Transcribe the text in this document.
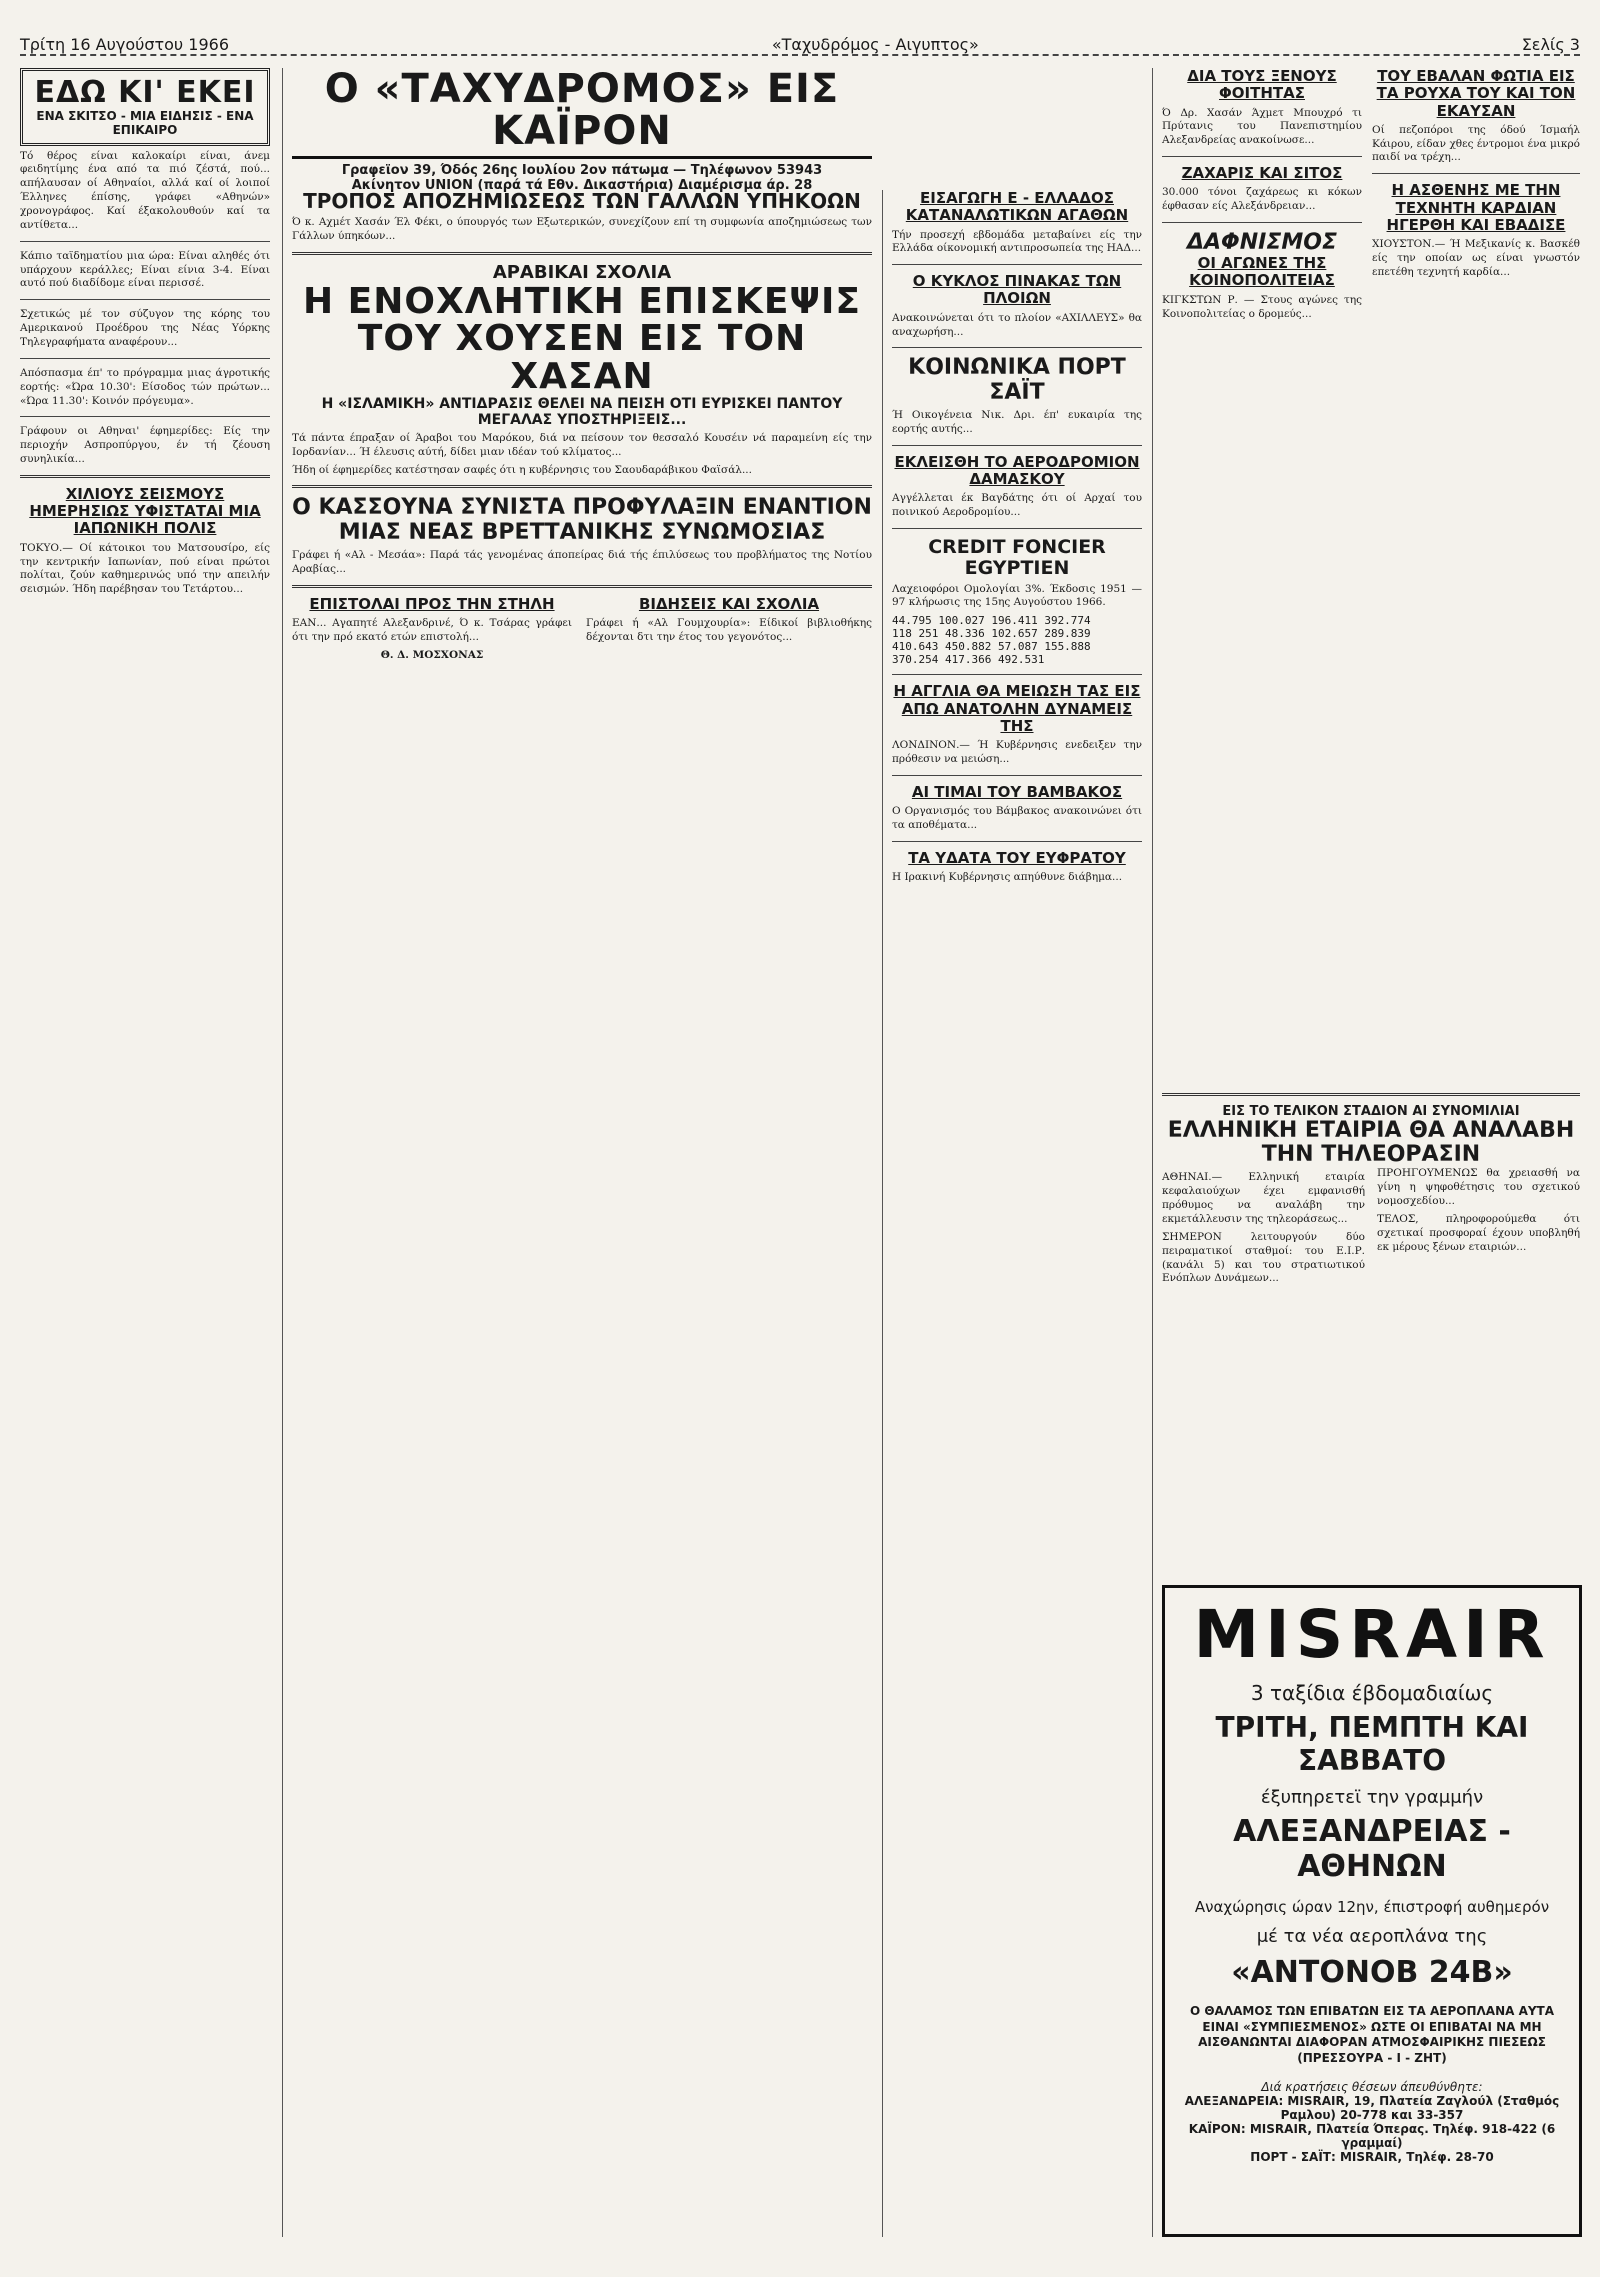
Τρίτη 16 Αυγούστου 1966	«Ταχυδρόμος - Αιγυπτος»	Σελίς 3
ΕΔΩ ΚΙ' ΕΚΕΙ
ΕΝΑ ΣΚΙΤΣΟ - ΜΙΑ ΕΙΔΗΣΙΣ - ΕΝΑ ΕΠΙΚΑΙΡΟ

Τό θέρος είναι καλοκαίρι είναι, άνεμ φειδητίμης ένα από τα πιό ζέστά, πού... απήλαυσαν οί Αθηναίοι, αλλά καί οί λοιποί Έλληνες έπίσης, γράφει «Αθηνών» χρονογράφος. Καί έξακολουθούν καί τα αντίθετα...

Κάπιο ταϊδηματίου μια ώρα: Είναι αληθές ότι υπάρχουν κεράλλες; Είναι είνια 3-4. Είναι αυτό πού διαδίδομε είναι περισσέ.

Σχετικώς μέ τον σύζυγον της κόρης του Αμερικανού Προέδρου της Νέας Υόρκης Τηλεγραφήματα αναφέρουν...

Απόσπασμα έπ' το πρόγραμμα μιας άγροτικής εορτής: «Ώρα 10.30': Είσοδος τών πρώτων... «Ώρα 11.30': Κοινόν πρόγευμα».

Γράφουν οι Αθηναι' έφημερίδες: Είς την περιοχήν Ασπροπύργου, έν τή ζέουση συνηλικία...

ΧΙΛΙΟΥΣ ΣΕΙΣΜΟΥΣ ΗΜΕΡΗΣΙΩΣ ΥΦΙΣΤΑΤΑΙ ΜΙΑ ΙΑΠΩΝΙΚΗ ΠΟΛΙΣ

ΤΟΚΥΟ.— Οί κάτοικοι του Ματσουσίρο, είς την κεντρικήν Ιαπωνίαν, πού είναι πρώτοι πολίται, ζούν καθημερινώς υπό την απειλήν σεισμών. Ήδη παρέβησαν του Τετάρτου...

Ο «ΤΑΧΥΔΡΟΜΟΣ» ΕΙΣ ΚΑΪΡΟΝ
Γραφεϊον 39, Όδός 26ης Ιουλίου 2ον πάτωμα — Τηλέφωνον 53943
Ακίνητον UNION (παρά τά Εθν. Δικαστήρια) Διαμέρισμα άρ. 28
ΤΡΟΠΟΣ ΑΠΟΖΗΜΙΩΣΕΩΣ ΤΩΝ ΓΑΛΛΩΝ ΥΠΗΚΟΩΝ

Ό κ. Αχμέτ Χασάν Έλ Φέκι, ο ύπουργός των Εξωτερικών, συνεχίζουν επί τη συμφωνία αποζημιώσεως των Γάλλων ύπηκόων...

ΑΡΑΒΙΚΑΙ ΣΧΟΛΙΑ
Η ΕΝΟΧΛΗΤΙΚΗ ΕΠΙΣΚΕΨΙΣ ΤΟΥ ΧΟΥΣΕΝ ΕΙΣ ΤΟΝ ΧΑΣΑΝ
Η «ΙΣΛΑΜΙΚΗ» ΑΝΤΙΔΡΑΣΙΣ ΘΕΛΕΙ ΝΑ ΠΕΙΣΗ ΟΤΙ ΕΥΡΙΣΚΕΙ ΠΑΝΤΟΥ ΜΕΓΑΛΑΣ ΥΠΟΣΤΗΡΙΞΕΙΣ...

Τά πάντα έπραξαν οί Άραβοι του Μαρόκου, διά να πείσουν τον θεσσαλό Κουσέιν νά παραμείνη είς την Ιορδανίαν... Ή έλευσις αύτή, δίδει μιαν ιδέαν τού κλίματος...

Ήδη οί έφημερίδες κατέστησαν σαφές ότι η κυβέρνησις του Σαουδαράβικου Φαϊσάλ...

Ο ΚΑΣΣΟΥΝΑ ΣΥΝΙΣΤΑ ΠΡΟΦΥΛΑΞΙΝ ΕΝΑΝΤΙΟΝ ΜΙΑΣ ΝΕΑΣ ΒΡΕΤΤΑΝΙΚΗΣ ΣΥΝΩΜΟΣΙΑΣ

Γράφει ή «Αλ - Μεσάα»: Παρά τάς γενομένας άποπείρας διά τής έπιλύσεως του προβλήματος της Νοτίου Αραβίας...

ΕΠΙΣΤΟΛΑΙ ΠΡΟΣ ΤΗΝ ΣΤΗΛΗ

ΕΑΝ... Αγαπητέ Αλεξανδρινέ, Ό κ. Τσάρας γράφει ότι την πρό εκατό ετών επιστολή...

Θ. Δ. ΜΟΣΧΟΝΑΣ

ΒΙΔΗΣΕΙΣ ΚΑΙ ΣΧΟΛΙΑ

Γράφει ή «Αλ Γουμχουρία»: Είδικοί βιβλιοθήκης δέχονται δτι την έτος του γεγονότος...

ΕΙΣΑΓΩΓΗ Ε - ΕΛΛΑΔΟΣ ΚΑΤΑΝΑΛΩΤΙΚΩΝ ΑΓΑΘΩΝ

Τήν προσεχή εβδομάδα μεταβαίνει είς την Ελλάδα οίκονομική αντιπροσωπεία της ΗΑΔ...

Ο ΚΥΚΛΟΣ ΠΙΝΑΚΑΣ ΤΩΝ ΠΛΟΙΩΝ

Ανακοινώνεται ότι το πλοίον «ΑΧΙΛΛΕΥΣ» θα αναχωρήση...

ΚΟΙΝΩΝΙΚΑ ΠΟΡΤ ΣΑΪΤ

Ή Οικογένεια Νικ. Δρι. έπ' ευκαιρία της εορτής αυτής...

ΕΚΛΕΙΣΘΗ ΤΟ ΑΕΡΟΔΡΟΜΙΟΝ ΔΑΜΑΣΚΟΥ

Αγγέλλεται έκ Βαγδάτης ότι οί Αρχαί του ποινικού Αεροδρομίου...

CREDIT FONCIER EGYPTIEN

Λαχειοφόροι Ομολογίαι 3%. Έκδοσις 1951 — 97 κλήρωσις της 15ης Αυγούστου 1966.

44.795 100.027 196.411 392.774
118 251 48.336 102.657 289.839
410.643 450.882 57.087 155.888
370.254 417.366 492.531
Η ΑΓΓΛΙΑ ΘΑ ΜΕΙΩΣΗ ΤΑΣ ΕΙΣ ΑΠΩ ΑΝΑΤΟΛΗΝ ΔΥΝΑΜΕΙΣ ΤΗΣ

ΛΟΝΔΙΝΟΝ.— Ή Κυβέρνησις ενεδειξεν την πρόθεσιν να μειώση...

ΑΙ ΤΙΜΑΙ ΤΟΥ ΒΑΜΒΑΚΟΣ

Ο Οργανισμός του Βάμβακος ανακοινώνει ότι τα αποθέματα...

ΤΑ ΥΔΑΤΑ ΤΟΥ ΕΥΦΡΑΤΟΥ

Η Ιρακινή Κυβέρνησις απηύθυνε διάβημα...

ΔΙΑ ΤΟΥΣ ΞΕΝΟΥΣ ΦΟΙΤΗΤΑΣ

Ό Δρ. Χασάν Άχμετ Μπουχρό τι Πρύτανις του Πανεπιστημίου Αλεξανδρείας ανακοίνωσε...

ΖΑΧΑΡΙΣ ΚΑΙ ΣΙΤΟΣ

30.000 τόνοι ζαχάρεως κι κόκων έφθασαν είς Αλεξάνδρειαν...

ΔΑΦΝΙΣΜΟΣ
ΟΙ ΑΓΩΝΕΣ ΤΗΣ ΚΟΙΝΟΠΟΛΙΤΕΙΑΣ

ΚΙΓΚΣΤΩΝ Ρ. — Στους αγώνες της Κοινοπολιτείας ο δρομεύς...

ΤΟΥ ΕΒΑΛΑΝ ΦΩΤΙΑ ΕΙΣ ΤΑ ΡΟΥΧΑ ΤΟΥ ΚΑΙ ΤΟΝ ΕΚΑΥΣΑΝ

Οί πεζοπόροι της όδού Ίσμαήλ Κάιρου, είδαν χθες έντρομοι ένα μικρό παιδί να τρέχη...

Η ΑΣΘΕΝΗΣ ΜΕ ΤΗΝ ΤΕΧΝΗΤΗ ΚΑΡΔΙΑΝ ΗΓΕΡΘΗ ΚΑΙ ΕΒΑΔΙΣΕ

ΧΙΟΥΣΤΟΝ.— Ή Μεξικανίς κ. Βασκέθ είς την οποίαν ως είναι γνωστόν επετέθη τεχνητή καρδία...

ΕΙΣ ΤΟ ΤΕΛΙΚΟΝ ΣΤΑΔΙΟΝ ΑΙ ΣΥΝΟΜΙΛΙΑΙ
ΕΛΛΗΝΙΚΗ ΕΤΑΙΡΙΑ ΘΑ ΑΝΑΛΑΒΗ ΤΗΝ ΤΗΛΕΟΡΑΣΙΝ

ΑΘΗΝΑΙ.— Ελληνική εταιρία κεφαλαιούχων έχει εμφανισθή πρόθυμος να αναλάβη την εκμετάλλευσιν της τηλεοράσεως...

ΣΗΜΕΡΟΝ λειτουργούν δύο πειραματικοί σταθμοί: του Ε.Ι.Ρ. (κανάλι 5) και του στρατιωτικού Ενόπλων Δυνάμεων...

ΠΡΟΗΓΟΥΜΕΝΩΣ θα χρειασθή να γίνη η ψηφοθέτησις του σχετικού νομοσχεδίου...

ΤΕΛΟΣ, πληροφορούμεθα ότι σχετικαί προσφοραί έχουν υποβληθή εκ μέρους ξένων εταιριών...

MISRAIR
3 ταξίδια έβδομαδιαίως
ΤΡΙΤΗ, ΠΕΜΠΤΗ ΚΑΙ ΣΑΒΒΑΤΟ
έξυπηρετεϊ την γραμμήν
ΑΛΕΞΑΝΔΡΕΙΑΣ - ΑΘΗΝΩΝ
Αναχώρησις ώραν 12ην, έπιστροφή αυθημερόν
μέ τα νέα αεροπλάνα της
«ΑΝΤΟΝΟΒ 24Β»
Ο ΘΑΛΑΜΟΣ ΤΩΝ ΕΠΙΒΑΤΩΝ ΕΙΣ ΤΑ ΑΕΡΟΠΛΑΝΑ ΑΥΤΑ ΕΙΝΑΙ «ΣΥΜΠΙΕΣΜΕΝΟΣ» ΩΣΤΕ ΟΙ ΕΠΙΒΑΤΑΙ ΝΑ ΜΗ ΑΙΣΘΑΝΩΝΤΑΙ ΔΙΑΦΟΡΑΝ ΑΤΜΟΣΦΑΙΡΙΚΗΣ ΠΙΕΣΕΩΣ (ΠΡΕΣΣΟΥΡΑ - Ι - ΖΗΤ)
Διά κρατήσεις θέσεων άπευθύνθητε:
ΑΛΕΞΑΝΔΡΕΙΑ: MISRAIR, 19, Πλατεία Ζαγλούλ (Σταθμός Ραμλου) 20-778 και 33-357
ΚΑΪΡΟΝ: MISRAIR, Πλατεία Όπερας. Τηλέφ. 918-422 (6 γραμμαί)
ΠΟΡΤ - ΣΑΪΤ: MISRAIR, Τηλέφ. 28-70
